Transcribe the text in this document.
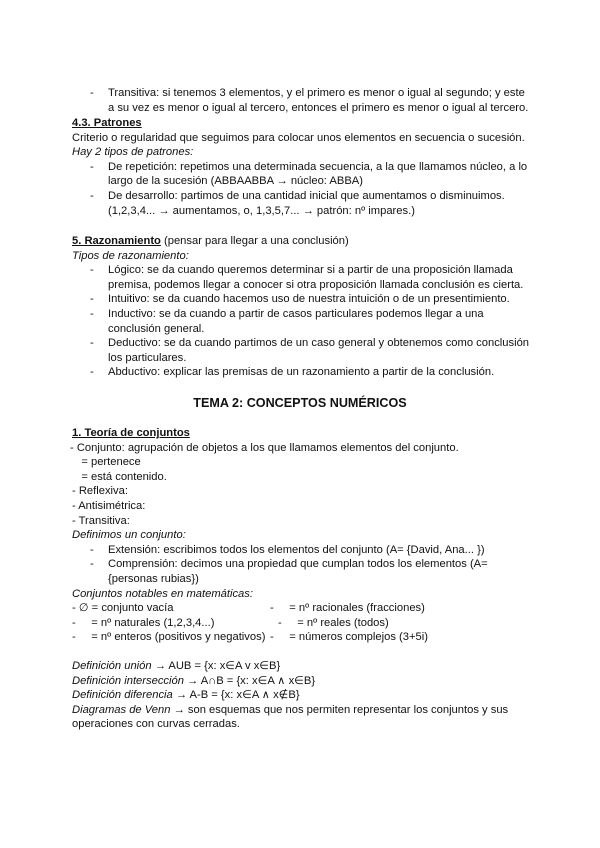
- Transitiva: si tenemos 3 elementos, y el primero es menor o igual al segundo; y este
a su vez es menor o igual al tercero, entonces el primero es menor o igual al tercero.
4.3. Patrones
Criterio o regularidad que seguimos para colocar unos elementos en secuencia o sucesión.
Hay 2 tipos de patrones:
- De repetición: repetimos una determinada secuencia, a la que llamamos núcleo, a lo
largo de la sucesión (ABBAABBA → núcleo: ABBA)
- De desarrollo: partimos de una cantidad inicial que aumentamos o disminuimos.
(1,2,3,4... → aumentamos, o, 1,3,5,7... → patrón: nº impares.)
5. Razonamiento (pensar para llegar a una conclusión)
Tipos de razonamiento:
- Lógico: se da cuando queremos determinar si a partir de una proposición llamada
premisa, podemos llegar a conocer si otra proposición llamada conclusión es cierta.
- Intuitivo: se da cuando hacemos uso de nuestra intuición o de un presentimiento.
- Inductivo: se da cuando a partir de casos particulares podemos llegar a una
conclusión general.
- Deductivo: se da cuando partimos de un caso general y obtenemos como conclusión
los particulares.
- Abductivo: explicar las premisas de un razonamiento a partir de la conclusión.
TEMA 2: CONCEPTOS NUMÉRICOS
1. Teoría de conjuntos
- Conjunto: agrupación de objetos a los que llamamos elementos del conjunto.
= pertenece
= está contenido.
- Reflexiva:
- Antisimétrica:
- Transitiva:
Definimos un conjunto:
- Extensión: escribimos todos los elementos del conjunto (A= {David, Ana... })
- Comprensión: decimos una propiedad que cumplan todos los elementos (A=
{personas rubias})
Conjuntos notables en matemáticas:
- ∅ = conjunto vacía	-     = nº racionales (fracciones)
-     = nº naturales (1,2,3,4...)	-     = nº reales (todos)
-     = nº enteros (positivos y negativos) -     = números complejos (3+5i)
Definición unión → AUB = {x: x∈A v x∈B}
Definición intersección → A∩B = {x: x∈A ∧ x∈B}
Definición diferencia → A-B = {x: x∈A ∧ x∉B}
Diagramas de Venn → son esquemas que nos permiten representar los conjuntos y sus
operaciones con curvas cerradas.
